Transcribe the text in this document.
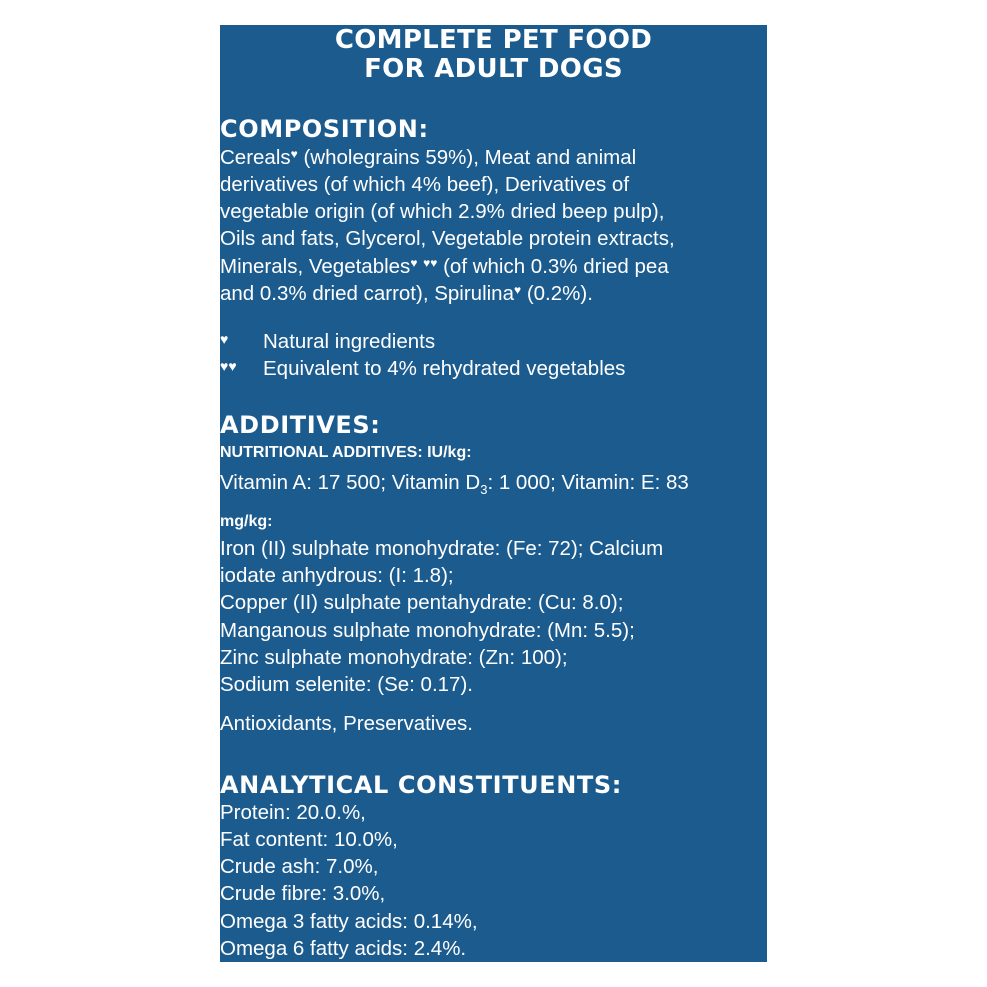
COMPLETE PET FOOD
FOR ADULT DOGS
COMPOSITION:
Cereals♥ (wholegrains 59%), Meat and animal
derivatives (of which 4% beef), Derivatives of
vegetable origin (of which 2.9% dried beep pulp),
Oils and fats, Glycerol, Vegetable protein extracts,
Minerals, Vegetables♥ ♥♥ (of which 0.3% dried pea
and 0.3% dried carrot), Spirulina♥ (0.2%).
♥ Natural ingredients
♥♥ Equivalent to 4% rehydrated vegetables
ADDITIVES:
NUTRITIONAL ADDITIVES: IU/kg:
Vitamin A: 17 500; Vitamin $D_3$: 1 000; Vitamin: E: 83
mg/kg:
Iron (II) sulphate monohydrate: (Fe: 72); Calcium
iodate anhydrous: (I: 1.8);
Copper (II) sulphate pentahydrate: (Cu: 8.0);
Manganous sulphate monohydrate: (Mn: 5.5);
Zinc sulphate monohydrate: (Zn: 100);
Sodium selenite: (Se: 0.17).
Antioxidants, Preservatives.
ANALYTICAL CONSTITUENTS:
Protein: 20.0.%,
Fat content: 10.0%,
Crude ash: 7.0%,
Crude fibre: 3.0%,
Omega 3 fatty acids: 0.14%,
Omega 6 fatty acids: 2.4%.
